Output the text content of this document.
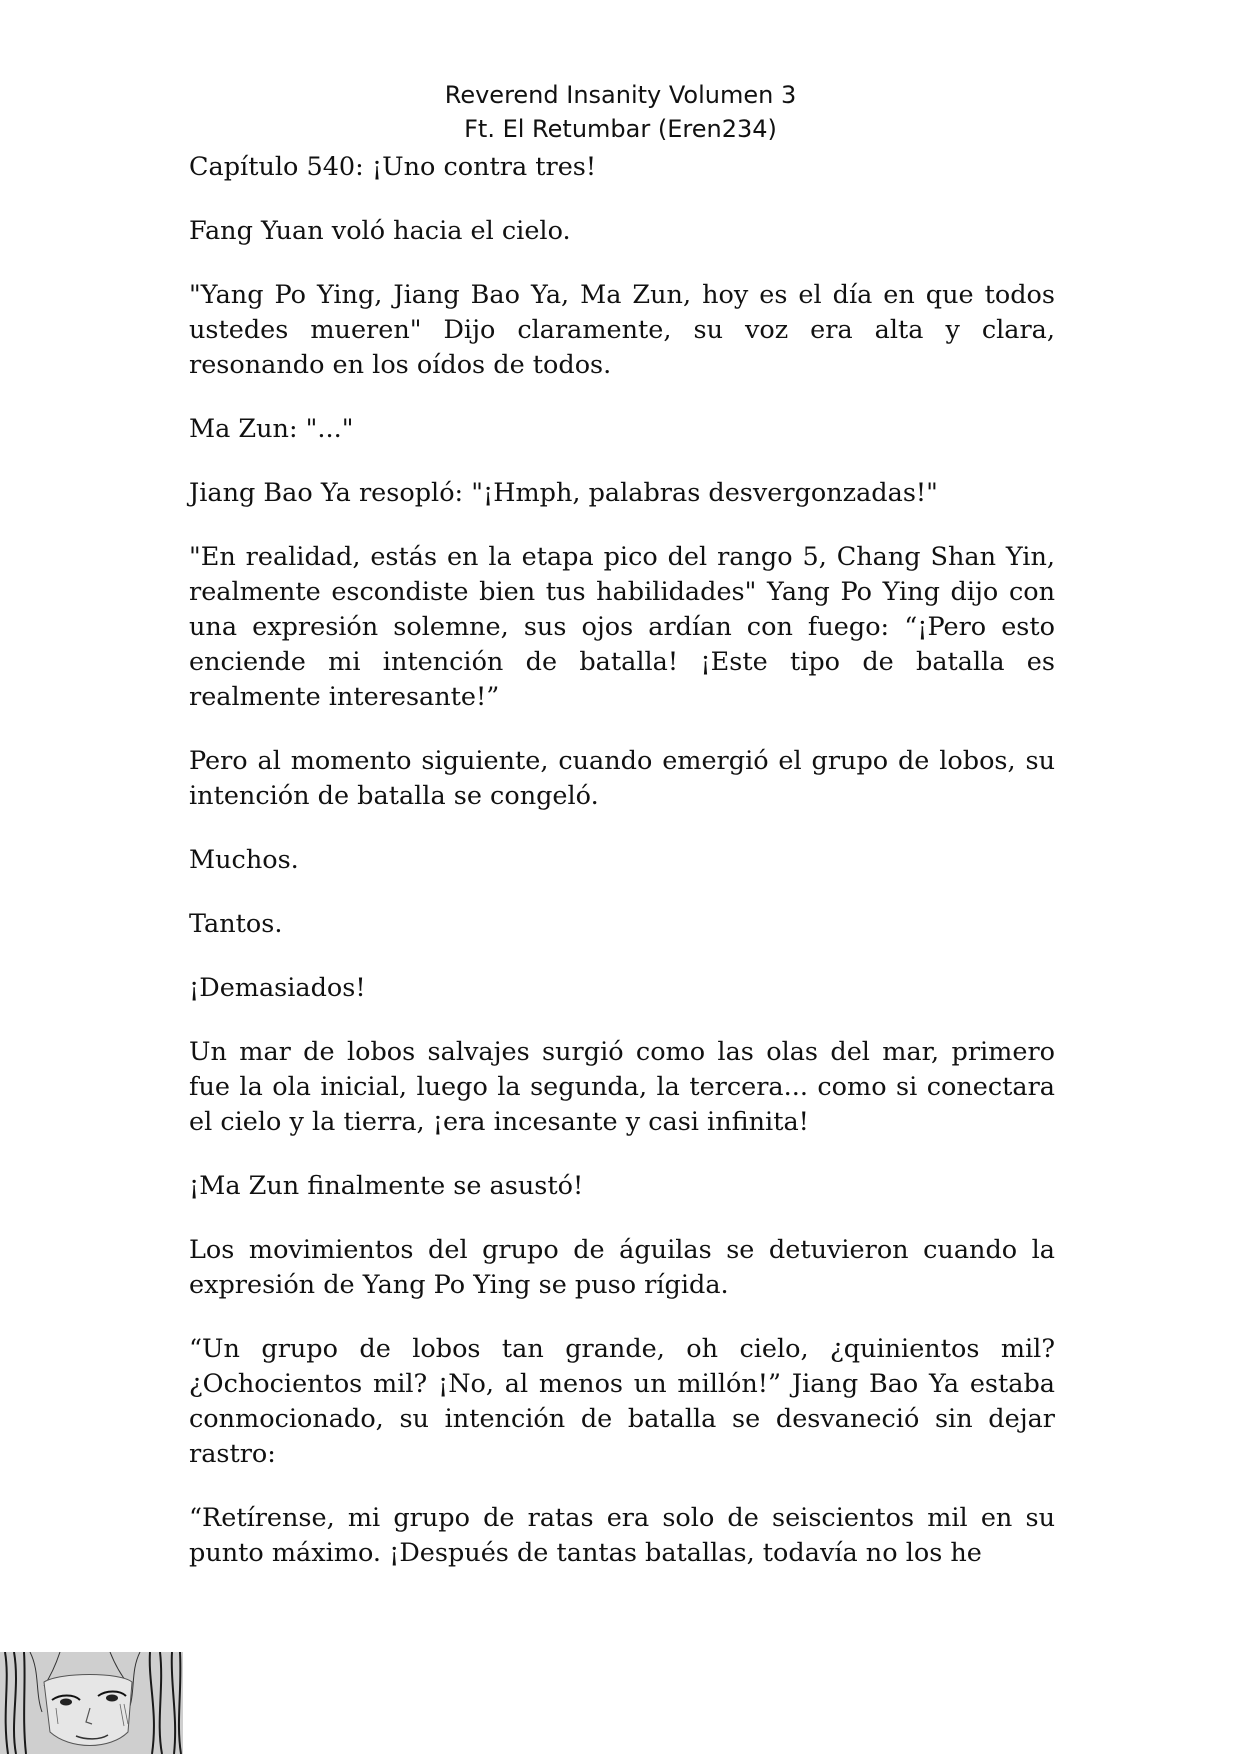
Reverend Insanity Volumen 3
Ft. El Retumbar (Eren234)

Capítulo 540: ¡Uno contra tres!

Fang Yuan voló hacia el cielo.

"Yang Po Ying, Jiang Bao Ya, Ma Zun, hoy es el día en que todos ustedes mueren" Dijo claramente, su voz era alta y clara, resonando en los oídos de todos.

Ma Zun: "..."

Jiang Bao Ya resopló: "¡Hmph, palabras desvergonzadas!"

"En realidad, estás en la etapa pico del rango 5, Chang Shan Yin, realmente escondiste bien tus habilidades" Yang Po Ying dijo con una expresión solemne, sus ojos ardían con fuego: “¡Pero esto enciende mi intención de batalla! ¡Este tipo de batalla es realmente interesante!”

Pero al momento siguiente, cuando emergió el grupo de lobos, su intención de batalla se congeló.

Muchos.

Tantos.

¡Demasiados!

Un mar de lobos salvajes surgió como las olas del mar, primero fue la ola inicial, luego la segunda, la tercera... como si conectara el cielo y la tierra, ¡era incesante y casi infinita!

¡Ma Zun finalmente se asustó!

Los movimientos del grupo de águilas se detuvieron cuando la expresión de Yang Po Ying se puso rígida.

“Un grupo de lobos tan grande, oh cielo, ¿quinientos mil? ¿Ochocientos mil? ¡No, al menos un millón!” Jiang Bao Ya estaba conmocionado, su intención de batalla se desvaneció sin dejar rastro:

“Retírense, mi grupo de ratas era solo de seiscientos mil en su punto máximo. ¡Después de tantas batallas, todavía no los he
